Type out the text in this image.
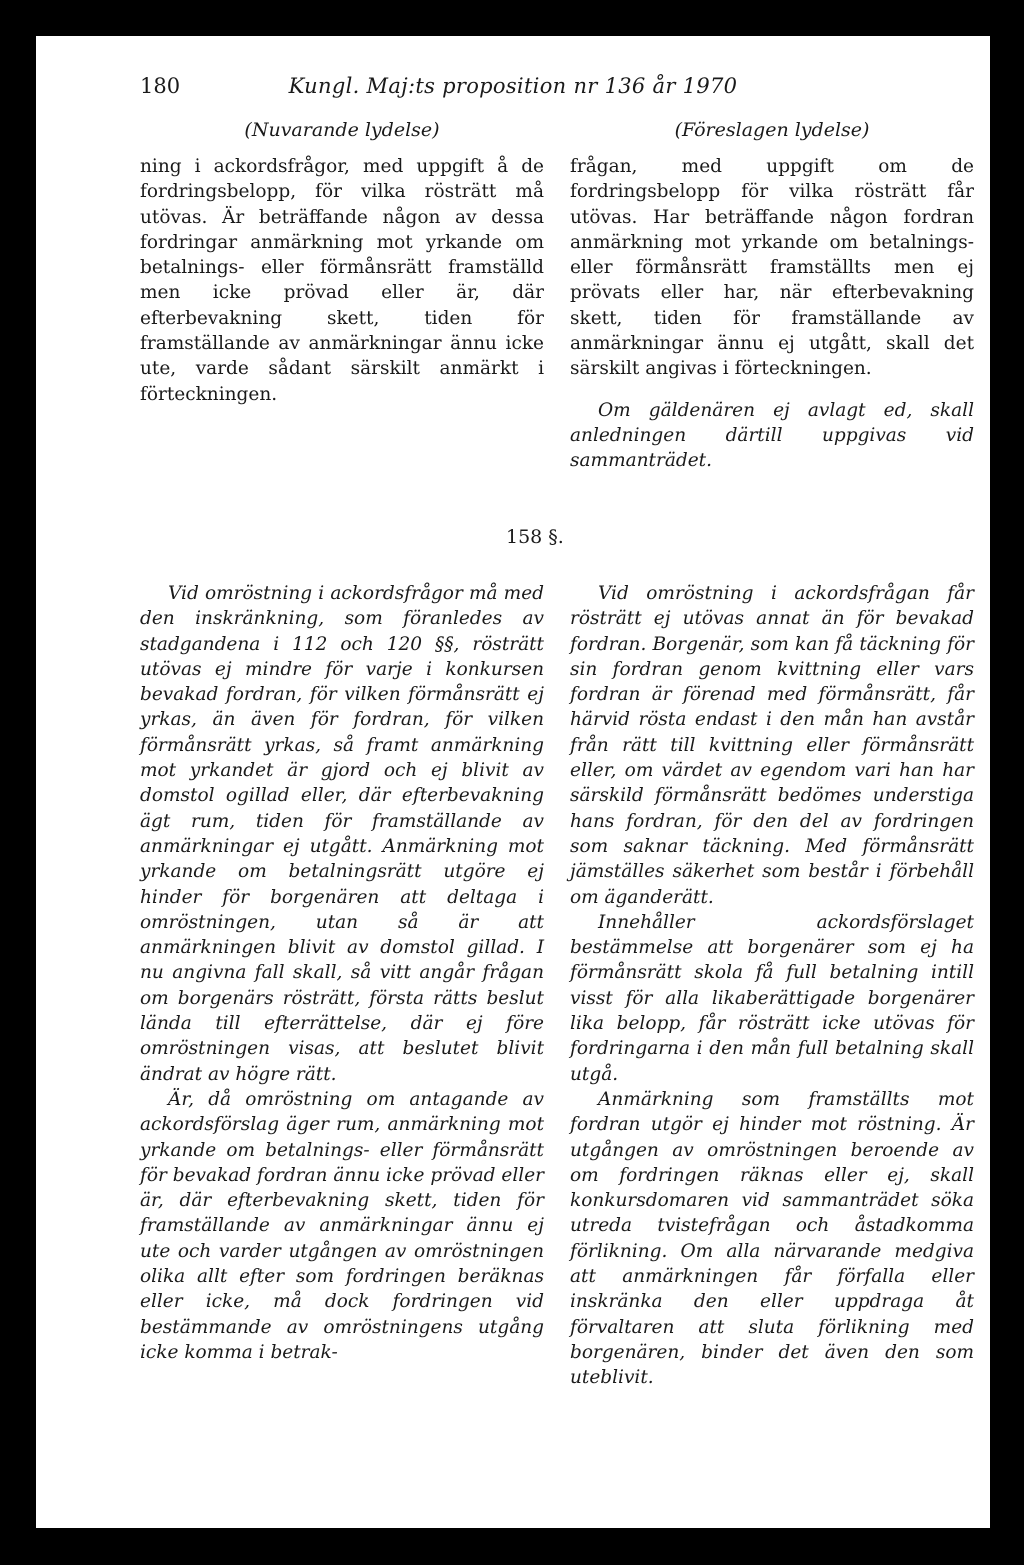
180	Kungl. Maj:ts proposition nr 136 år 1970
(Nuvarande lydelse)	(Föreslagen lydelse)

ning i ackordsfrågor, med uppgift å de fordringsbelopp, för vilka rösträtt må utövas. Är beträffande någon av dessa fordringar anmärkning mot yrkande om betalnings- eller förmånsrätt framställd men icke prövad eller är, där efterbevakning skett, tiden för framställande av anmärkningar ännu icke ute, varde sådant särskilt anmärkt i förteckningen.

frågan, med uppgift om de fordringsbelopp för vilka rösträtt får utövas. Har beträffande någon fordran anmärkning mot yrkande om betalnings- eller förmånsrätt framställts men ej prövats eller har, när efterbevakning skett, tiden för framställande av anmärkningar ännu ej utgått, skall det särskilt angivas i förteckningen.

Om gäldenären ej avlagt ed, skall anledningen därtill uppgivas vid sammanträdet.

158 §.

Vid omröstning i ackordsfrågor må med den inskränkning, som föranledes av stadgandena i 112 och 120 §§, rösträtt utövas ej mindre för varje i konkursen bevakad fordran, för vilken förmånsrätt ej yrkas, än även för fordran, för vilken förmånsrätt yrkas, så framt anmärkning mot yrkandet är gjord och ej blivit av domstol ogillad eller, där efterbevakning ägt rum, tiden för framställande av anmärkningar ej utgått. Anmärkning mot yrkande om betalningsrätt utgöre ej hinder för borgenären att deltaga i omröstningen, utan så är att anmärkningen blivit av domstol gillad. I nu angivna fall skall, så vitt angår frågan om borgenärs rösträtt, första rätts beslut lända till efterrättelse, där ej före omröstningen visas, att beslutet blivit ändrat av högre rätt.

Är, då omröstning om antagande av ackordsförslag äger rum, anmärkning mot yrkande om betalnings- eller förmånsrätt för bevakad fordran ännu icke prövad eller är, där efterbevakning skett, tiden för framställande av anmärkningar ännu ej ute och varder utgången av omröstningen olika allt efter som fordringen beräknas eller icke, må dock fordringen vid bestämmande av omröstningens utgång icke komma i betrak-

Vid omröstning i ackordsfrågan får rösträtt ej utövas annat än för bevakad fordran. Borgenär, som kan få täckning för sin fordran genom kvittning eller vars fordran är förenad med förmånsrätt, får härvid rösta endast i den mån han avstår från rätt till kvittning eller förmånsrätt eller, om värdet av egendom vari han har särskild förmånsrätt bedömes understiga hans fordran, för den del av fordringen som saknar täckning. Med förmånsrätt jämställes säkerhet som består i förbehåll om äganderätt.

Innehåller ackordsförslaget bestämmelse att borgenärer som ej ha förmånsrätt skola få full betalning intill visst för alla likaberättigade borgenärer lika belopp, får rösträtt icke utövas för fordringarna i den mån full betalning skall utgå.

Anmärkning som framställts mot fordran utgör ej hinder mot röstning. Är utgången av omröstningen beroende av om fordringen räknas eller ej, skall konkursdomaren vid sammanträdet söka utreda tvistefrågan och åstadkomma förlikning. Om alla närvarande medgiva att anmärkningen får förfalla eller inskränka den eller uppdraga åt förvaltaren att sluta förlikning med borgenären, binder det även den som uteblivit.
